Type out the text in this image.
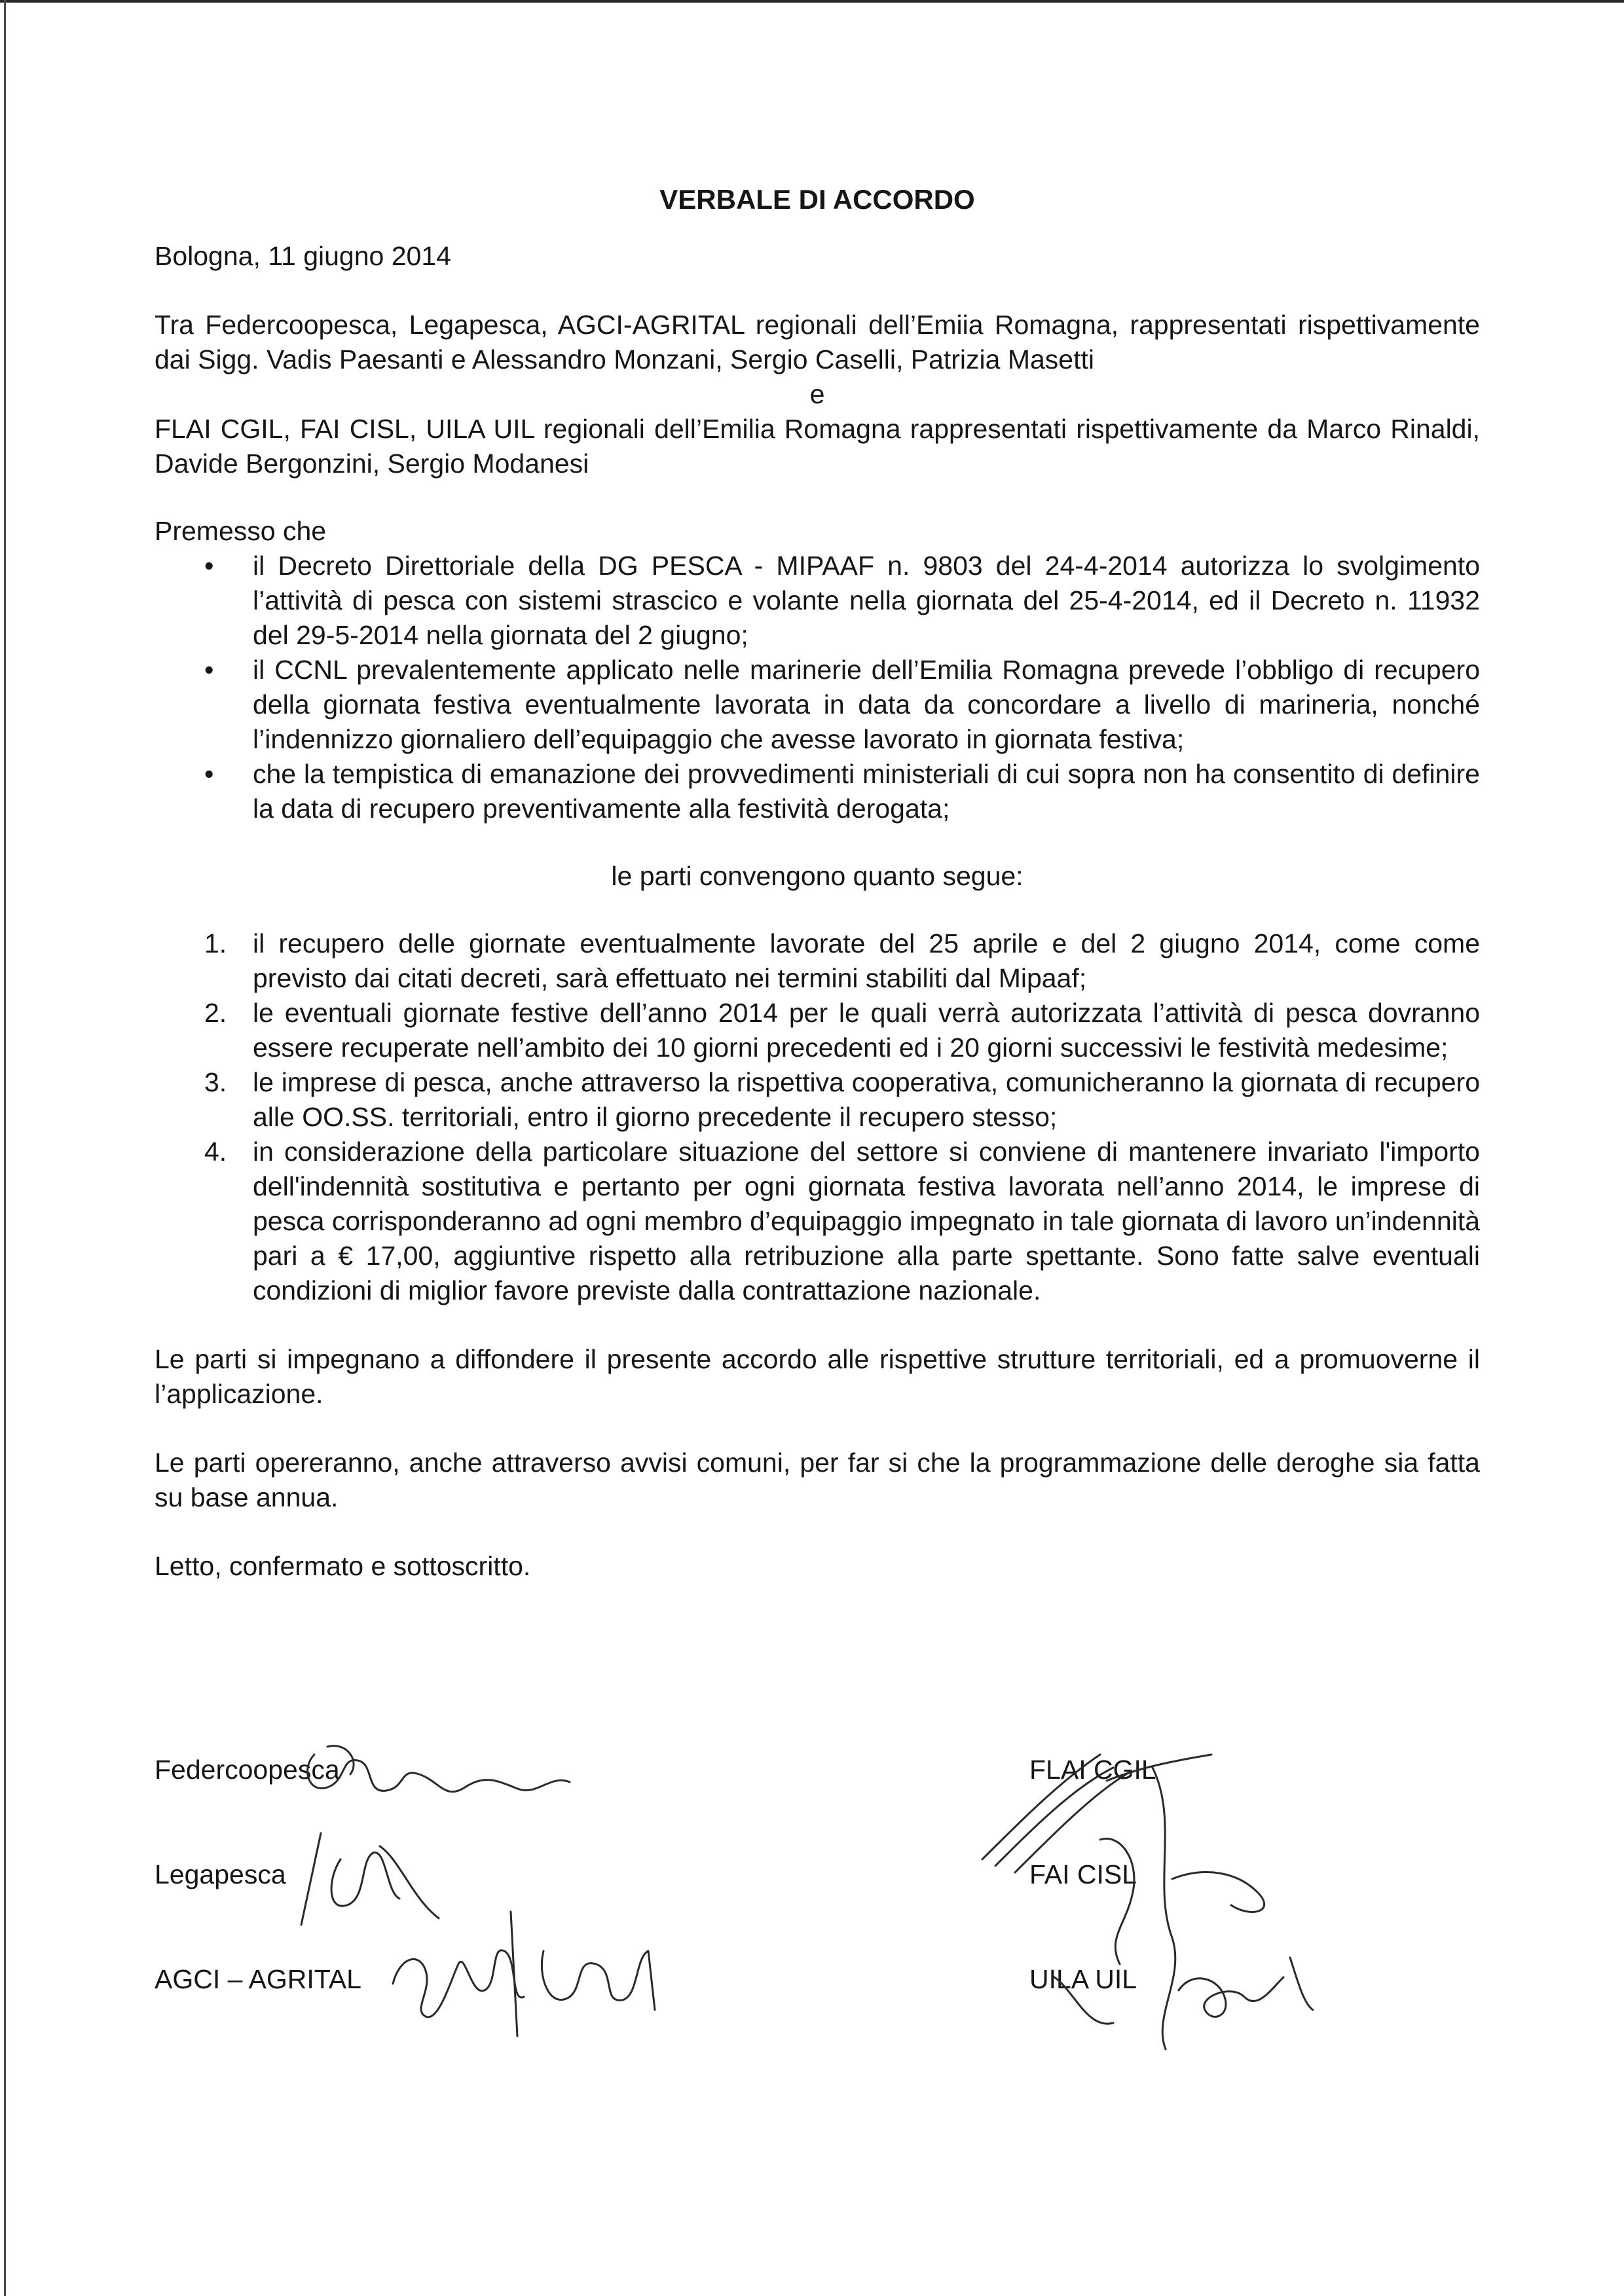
VERBALE DI ACCORDO

Bologna, 11 giugno 2014

Tra Federcoopesca, Legapesca, AGCI-AGRITAL regionali dell’Emiia Romagna, rappresentati rispettivamente dai Sigg. Vadis Paesanti e Alessandro Monzani, Sergio Caselli, Patrizia Masetti

e

FLAI CGIL, FAI CISL, UILA UIL regionali dell’Emilia Romagna rappresentati rispettivamente da Marco Rinaldi, Davide Bergonzini, Sergio Modanesi

Premesso che

• il Decreto Direttoriale della DG PESCA - MIPAAF n. 9803 del 24-4-2014 autorizza lo svolgimento l’attività di pesca con sistemi strascico e volante nella giornata del 25-4-2014, ed il Decreto n. 11932 del 29-5-2014 nella giornata del 2 giugno;
• il CCNL prevalentemente applicato nelle marinerie dell’Emilia Romagna prevede l’obbligo di recupero della giornata festiva eventualmente lavorata in data da concordare a livello di marineria, nonché l’indennizzo giornaliero dell’equipaggio che avesse lavorato in giornata festiva;
• che la tempistica di emanazione dei provvedimenti ministeriali di cui sopra non ha consentito di definire la data di recupero preventivamente alla festività derogata;

le parti convengono quanto segue:

1. il recupero delle giornate eventualmente lavorate del 25 aprile e del 2 giugno 2014, come come previsto dai citati decreti, sarà effettuato nei termini stabiliti dal Mipaaf;
2. le eventuali giornate festive dell’anno 2014 per le quali verrà autorizzata l’attività di pesca dovranno essere recuperate nell’ambito dei 10 giorni precedenti ed i 20 giorni successivi le festività medesime;
3. le imprese di pesca, anche attraverso la rispettiva cooperativa, comunicheranno la giornata di recupero alle OO.SS. territoriali, entro il giorno precedente il recupero stesso;
4. in considerazione della particolare situazione del settore si conviene di mantenere invariato l'importo dell'indennità sostitutiva e pertanto per ogni giornata festiva lavorata nell’anno 2014, le imprese di pesca corrisponderanno ad ogni membro d’equipaggio impegnato in tale giornata di lavoro un’indennità pari a € 17,00, aggiuntive rispetto alla retribuzione alla parte spettante. Sono fatte salve eventuali condizioni di miglior favore previste dalla contrattazione nazionale.

Le parti si impegnano a diffondere il presente accordo alle rispettive strutture territoriali, ed a promuoverne il l’applicazione.

Le parti opereranno, anche attraverso avvisi comuni, per far si che la programmazione delle deroghe sia fatta su base annua.

Letto, confermato e sottoscritto.

Federcoopesca
Legapesca
AGCI – AGRITAL
FLAI CGIL
FAI CISL
UILA UIL
